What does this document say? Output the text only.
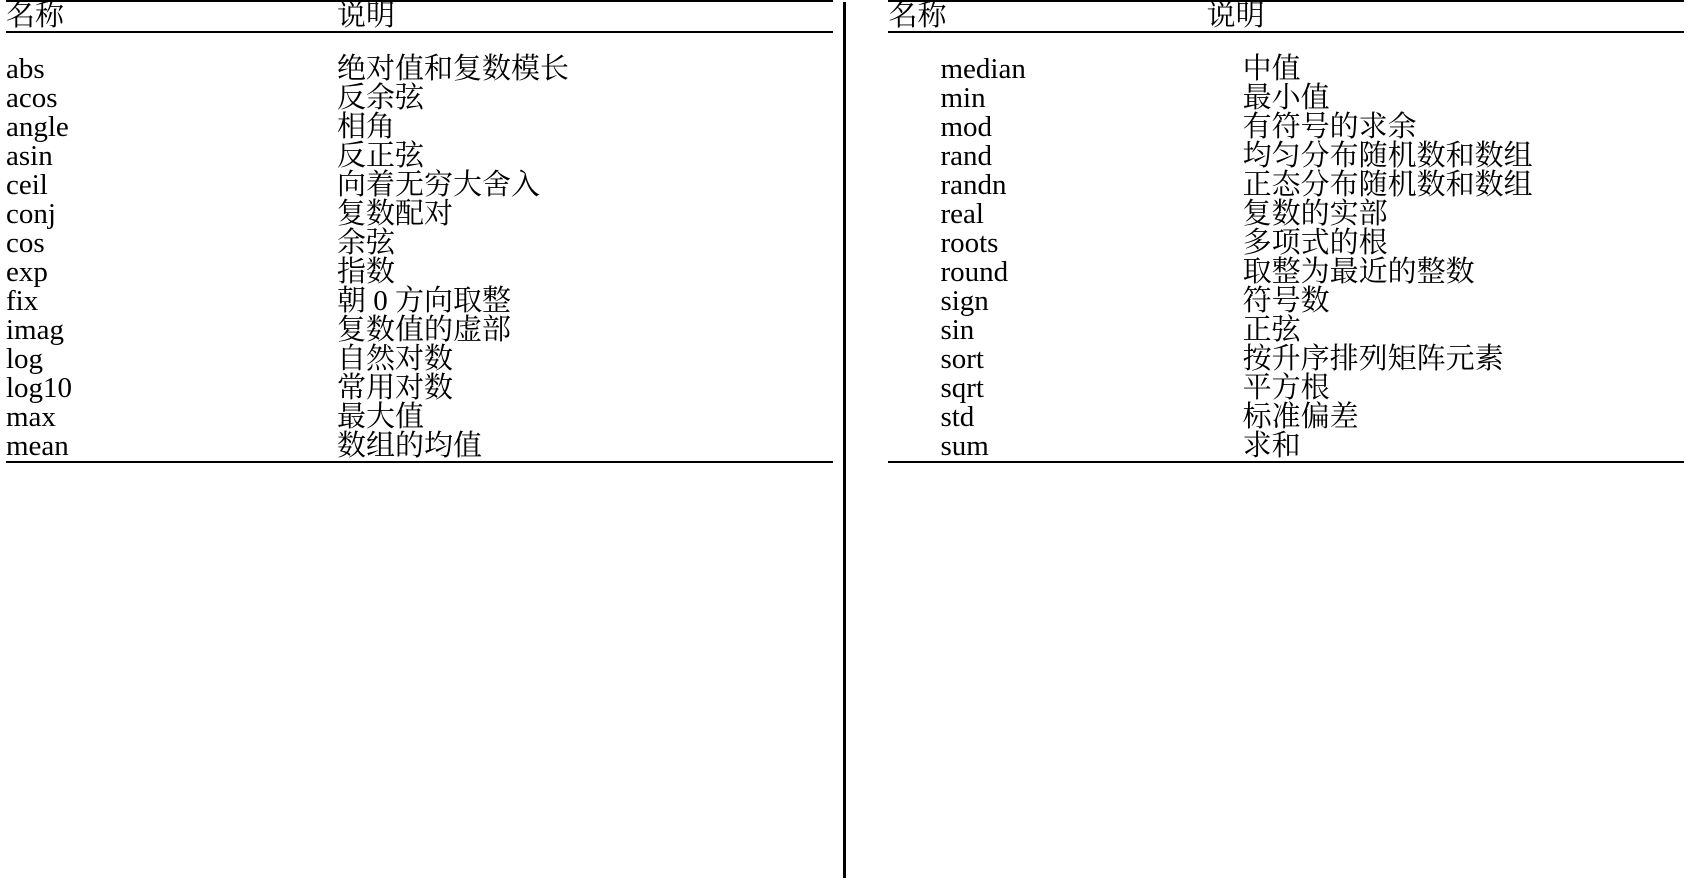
名称	说明
abs	绝对值和复数模长
acos	反余弦
angle	相角
asin	反正弦
ceil	向着无穷大舍入
conj	复数配对
cos	余弦
exp	指数
fix	朝 0 方向取整
imag	复数值的虚部
log	自然对数
log10	常用对数
max	最大值
mean	数组的均值
名称	说明
median	中值
min	最小值
mod	有符号的求余
rand	均匀分布随机数和数组
randn	正态分布随机数和数组
real	复数的实部
roots	多项式的根
round	取整为最近的整数
sign	符号数
sin	正弦
sort	按升序排列矩阵元素
sqrt	平方根
std	标准偏差
sum	求和
